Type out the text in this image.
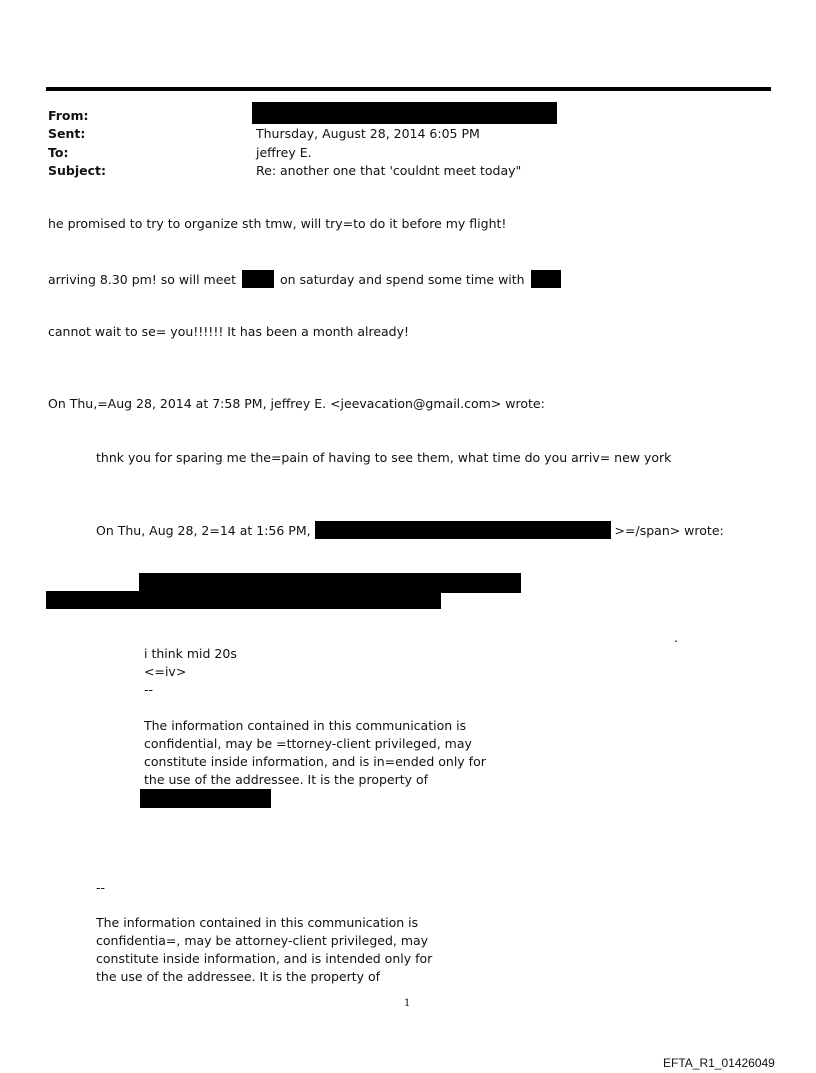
From:
Sent:	Thursday, August 28, 2014 6:05 PM
To:	jeffrey E.
Subject:	Re: another one that 'couldnt meet today"
he promised to try to organize sth tmw, will try=to do it before my flight!
arriving 8.30 pm! so will meet	on saturday and spend some time with
cannot wait to se= you!!!!!! It has been a month already!
On Thu,=Aug 28, 2014 at 7:58 PM, jeffrey E. <jeevacation@gmail.com> wrote:
thnk you for sparing me the=pain of having to see them, what time do you arriv= new york
On Thu, Aug 28, 2=14 at 1:56 PM,	>=/span> wrote:
.
i think mid 20s
<=iv>
--
The information contained in this communication is
confidential, may be =ttorney-client privileged, may
constitute inside information, and is in=ended only for
the use of the addressee. It is the property of
--
The information contained in this communication is
confidentia=, may be attorney-client privileged, may
constitute inside information, and is intended only for
the use of the addressee. It is the property of
1
EFTA_R1_01426049
